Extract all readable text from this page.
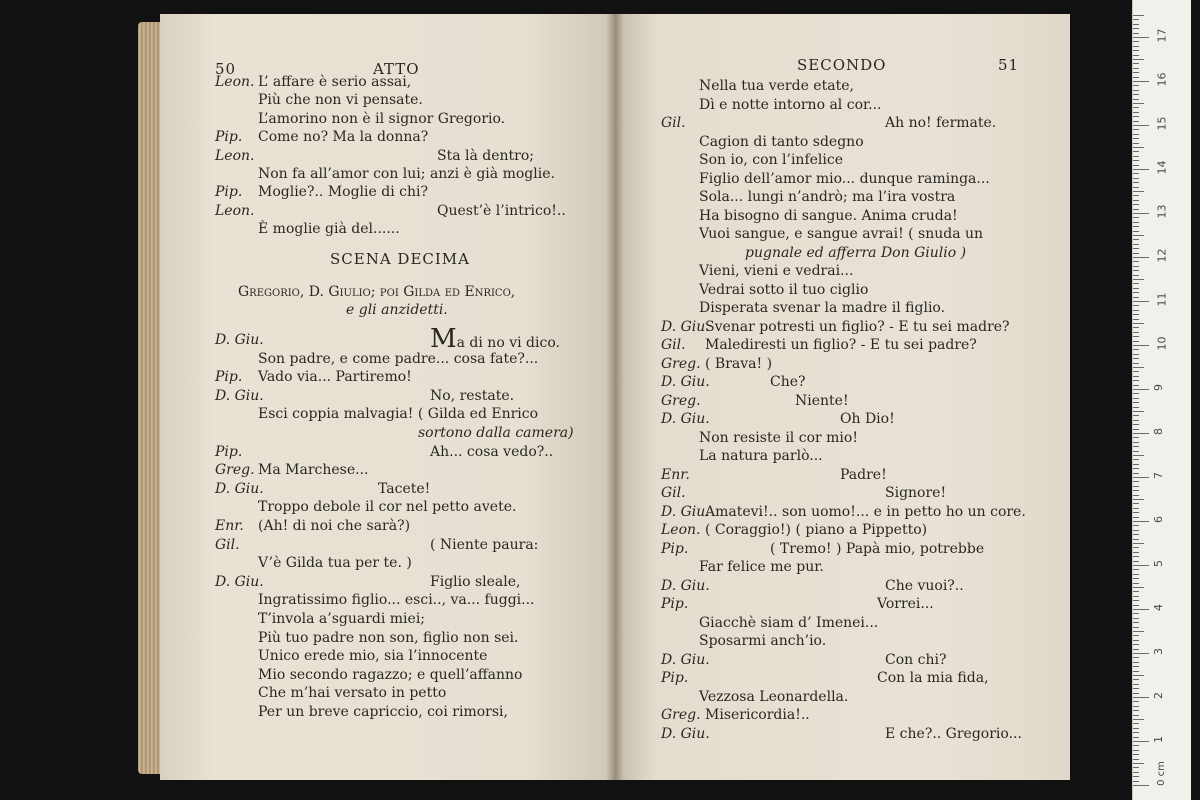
50	ATTO
Leon. L’ affare è serio assai,
Più che non vi pensate.
L’amorino non è il signor Gregorio.
Pip. Come no? Ma la donna?
Leon.	Sta là dentro;
Non fa all’amor con lui; anzi è già moglie.
Pip. Moglie?.. Moglie di chi?
Leon.	Quest’è l’intrico!..
È moglie già del......
SCENA DECIMA
Gregorio, D. Giulio; poi Gilda ed Enrico,
e gli anzidetti.
D. Giu.	Ma di no vi dico.
Son padre, e come padre... cosa fate?...
Pip. Vado via... Partiremo!
D. Giu.	No, restate.
Esci coppia malvagia! ( Gilda ed Enrico
sortono dalla camera)
Pip.	Ah... cosa vedo?..
Greg. Ma Marchese...
D. Giu.	Tacete!
Troppo debole il cor nel petto avete.
Enr. (Ah! di noi che sarà?)
Gil.	( Niente paura:
V’è Gilda tua per te. )
D. Giu.	Figlio sleale,
Ingratissimo figlio... esci.., va... fuggi...
T’invola a’sguardi miei;
Più tuo padre non son, figlio non sei.
Unico erede mio, sia l’innocente
Mio secondo ragazzo; e quell’affanno
Che m’hai versato in petto
Per un breve capriccio, coi rimorsi,
SECONDO	51
Nella tua verde etate,
Dì e notte intorno al cor...
Gil.	Ah no! fermate.
Cagion di tanto sdegno
Son io, con l’infelice
Figlio dell’amor mio... dunque raminga...
Sola... lungi n’andrò; ma l’ira vostra
Ha bisogno di sangue. Anima cruda!
Vuoi sangue, e sangue avrai! ( snuda un
pugnale ed afferra Don Giulio )
Vieni, vieni e vedrai...
Vedrai sotto il tuo ciglio
Disperata svenar la madre il figlio.
D. Giu.
Svenar potresti un figlio? - E tu sei madre?
Gil. Malediresti un figlio? - E tu sei padre?
Greg. ( Brava! )
D. Giu.	Che?
Greg.	Niente!
D. Giu.	Oh Dio!
Non resiste il cor mio!
La natura parlò...
Enr.	Padre!
Gil.	Signore!
D. Giu.
Amatevi!.. son uomo!... e in petto ho un core.
Leon. ( Coraggio!) ( piano a Pippetto)
Pip.	( Tremo! ) Papà mio, potrebbe
Far felice me pur.
D. Giu.	Che vuoi?..
Pip.	Vorrei...
Giacchè siam d’ Imenei...
Sposarmi anch’io.
D. Giu.	Con chi?
Pip.	Con la mia fida,
Vezzosa Leonardella.
Greg. Misericordia!..
D. Giu.	E che?.. Gregorio...
17
16
15
14
13
12
11
10
9
8
7
6
5
4
3
2
1
0 cm
